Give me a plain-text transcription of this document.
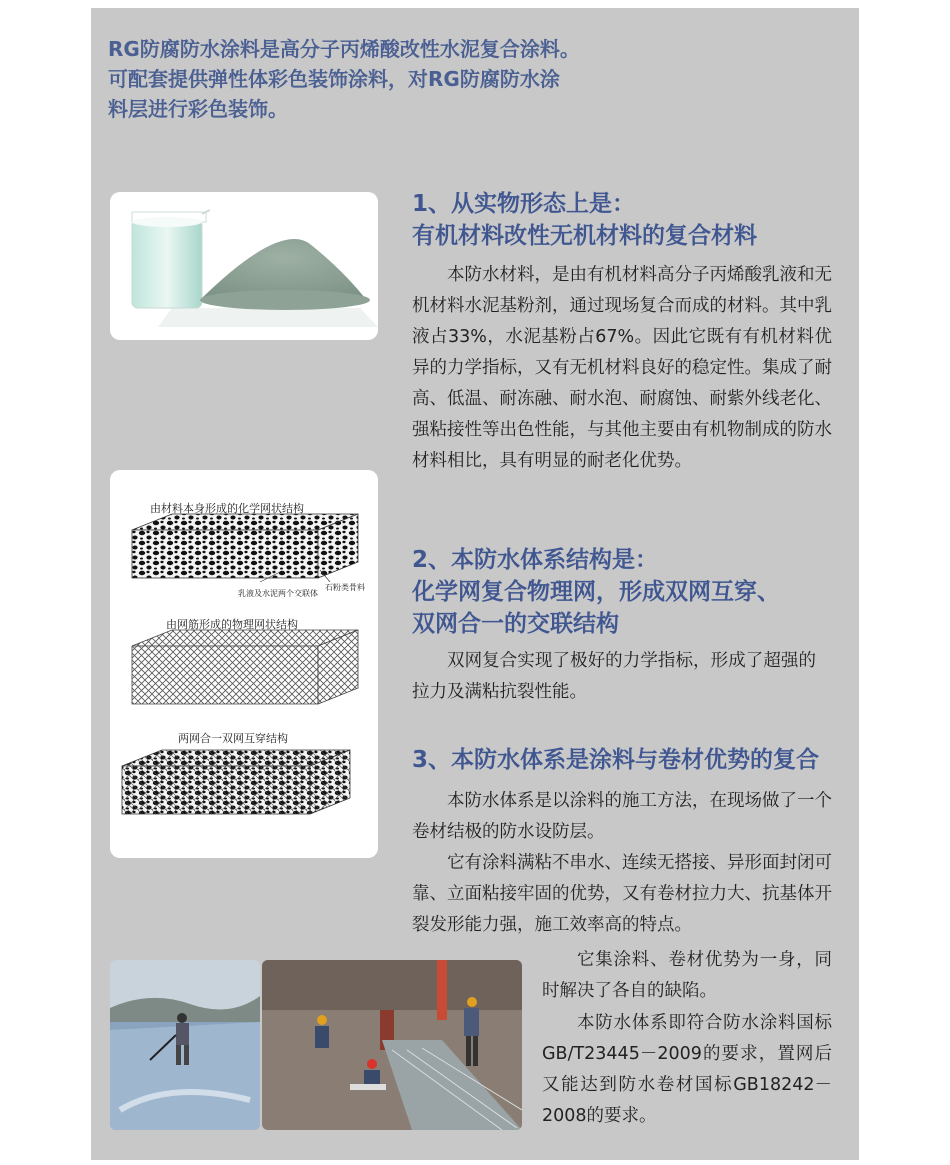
RG防腐防水涂料是高分子丙烯酸改性水泥复合涂料。
可配套提供弹性体彩色装饰涂料，对RG防腐防水涂
料层进行彩色装饰。
1、从实物形态上是：
有机材料改性无机材料的复合材料

本防水材料，是由有机材料高分子丙烯酸乳液和无机材料水泥基粉剂，通过现场复合而成的材料。其中乳液占33%，水泥基粉占67%。因此它既有有机材料优异的力学指标，又有无机材料良好的稳定性。集成了耐高、低温、耐冻融、耐水泡、耐腐蚀、耐紫外线老化、强粘接性等出色性能，与其他主要由有机物制成的防水材料相比，具有明显的耐老化优势。

由材料本身形成的化学网状结构
石粉类骨料
乳液及水泥两个交联体
由网筋形成的物理网状结构
两网合一双网互穿结构
2、本防水体系结构是：
化学网复合物理网，形成双网互穿、
双网合一的交联结构

双网复合实现了极好的力学指标，形成了超强的拉力及满粘抗裂性能。

3、本防水体系是涂料与卷材优势的复合

本防水体系是以涂料的施工方法，在现场做了一个卷材结极的防水设防层。

它有涂料满粘不串水、连续无搭接、异形面封闭可靠、立面粘接牢固的优势，又有卷材拉力大、抗基体开裂发形能力强，施工效率高的特点。

它集涂料、卷材优势为一身，同时解决了各自的缺陷。

本防水体系即符合防水涂料国标GB/T23445－2009的要求，置网后又能达到防水卷材国标GB18242－2008的要求。
